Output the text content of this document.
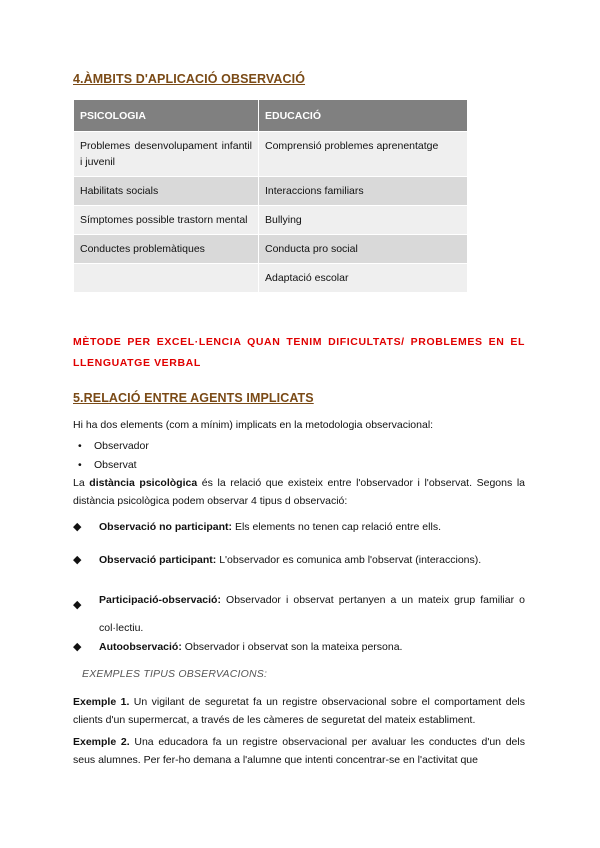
4.ÀMBITS D'APLICACIÓ OBSERVACIÓ
PSICOLOGIA	EDUCACIÓ
Problemes desenvolupament infantil i juvenil	Comprensió problemes aprenentatge
Habilitats socials	Interaccions familiars
Símptomes possible trastorn mental	Bullying
Conductes problemàtiques	Conducta pro social
	Adaptació escolar
MÈTODE PER EXCEL·LENCIA QUAN TENIM DIFICULTATS/ PROBLEMES EN EL LLENGUATGE VERBAL
5.RELACIÓ ENTRE AGENTS IMPLICATS
Hi ha dos elements (com a mínim) implicats en la metodologia observacional:
• Observador
• Observat
La distància psicològica és la relació que existeix entre l'observador i l'observat. Segons la distància psicològica podem observar 4 tipus d observació:
◆ Observació no participant: Els elements no tenen cap relació entre ells.
◆ Observació participant: L'observador es comunica amb l'observat (interaccions).
◆ Participació-observació: Observador i observat pertanyen a un mateix grup familiar o col·lectiu.
◆ Autoobservació: Observador i observat son la mateixa persona.
EXEMPLES TIPUS OBSERVACIONS:
Exemple 1. Un vigilant de seguretat fa un registre observacional sobre el comportament dels clients d'un supermercat, a través de les càmeres de seguretat del mateix establiment.
Exemple 2. Una educadora fa un registre observacional per avaluar les conductes d'un dels seus alumnes. Per fer-ho demana a l'alumne que intenti concentrar-se en l'activitat que
